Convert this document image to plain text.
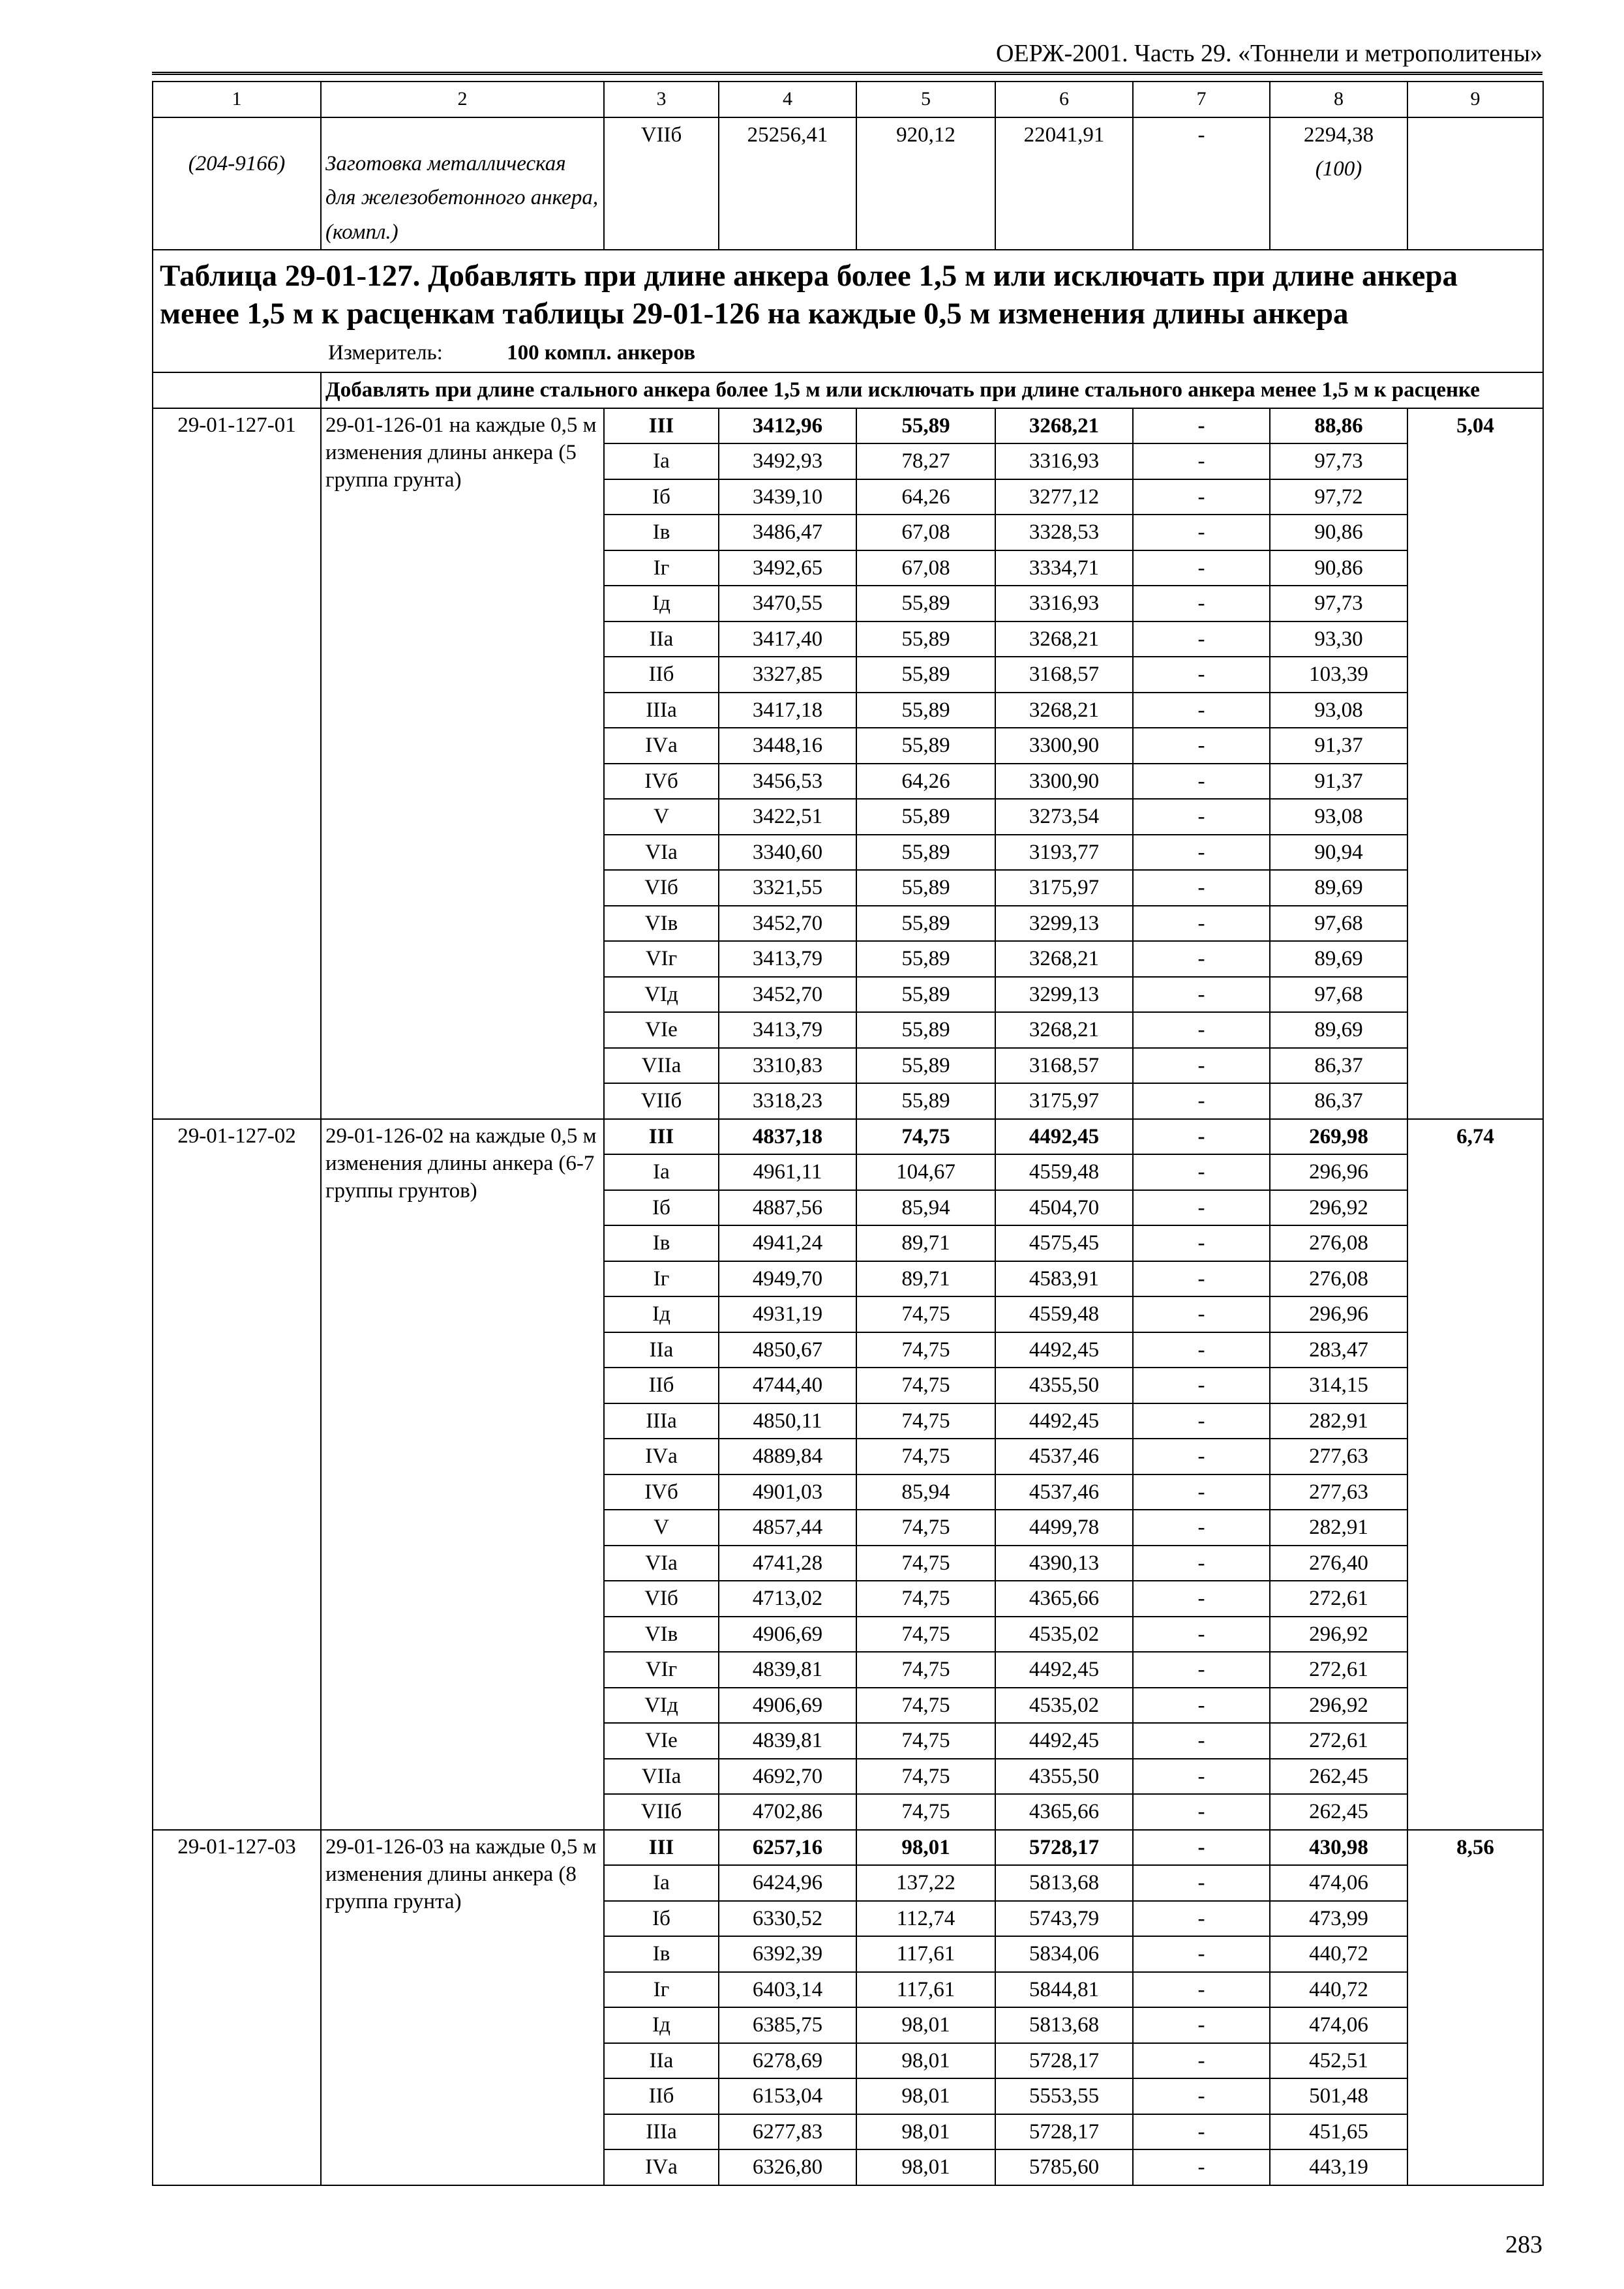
ОЕРЖ-2001. Часть 29. «Тоннели и метрополитены»
1	2	3	4	5	6	7	8	9
(204-9166)	Заготовка металлическая для железобетонного анкера, (компл.)	VIIб	25256,41	920,12	22041,91	-	2294,38
(100)	

Таблица 29-01-127. Добавлять при длине анкера более 1,5 м или исключать при длине анкера менее 1,5 м к расценкам таблицы 29-01-126 на каждые 0,5 м изменения длины анкера
Измеритель: 100 компл. анкеров								

	Добавлять при длине стального анкера более 1,5 м или исключать при длине стального анкера менее 1,5 м к расценке							
29-01-127-01	29-01-126-01 на каждые 0,5 м изменения длины анкера (5 группа грунта)	III	3412,96	55,89	3268,21	-	88,86	5,04
		Iа	3492,93	78,27	3316,93	-	97,73	
		Iб	3439,10	64,26	3277,12	-	97,72	
		Iв	3486,47	67,08	3328,53	-	90,86	
		Iг	3492,65	67,08	3334,71	-	90,86	
		Iд	3470,55	55,89	3316,93	-	97,73	
		IIа	3417,40	55,89	3268,21	-	93,30	
		IIб	3327,85	55,89	3168,57	-	103,39	
		IIIа	3417,18	55,89	3268,21	-	93,08	
		IVа	3448,16	55,89	3300,90	-	91,37	
		IVб	3456,53	64,26	3300,90	-	91,37	
		V	3422,51	55,89	3273,54	-	93,08	
		VIа	3340,60	55,89	3193,77	-	90,94	
		VIб	3321,55	55,89	3175,97	-	89,69	
		VIв	3452,70	55,89	3299,13	-	97,68	
		VIг	3413,79	55,89	3268,21	-	89,69	
		VIд	3452,70	55,89	3299,13	-	97,68	
		VIе	3413,79	55,89	3268,21	-	89,69	
		VIIа	3310,83	55,89	3168,57	-	86,37	
		VIIб	3318,23	55,89	3175,97	-	86,37	
29-01-127-02	29-01-126-02 на каждые 0,5 м изменения длины анкера (6-7 группы грунтов)	III	4837,18	74,75	4492,45	-	269,98	6,74
		Iа	4961,11	104,67	4559,48	-	296,96	
		Iб	4887,56	85,94	4504,70	-	296,92	
		Iв	4941,24	89,71	4575,45	-	276,08	
		Iг	4949,70	89,71	4583,91	-	276,08	
		Iд	4931,19	74,75	4559,48	-	296,96	
		IIа	4850,67	74,75	4492,45	-	283,47	
		IIб	4744,40	74,75	4355,50	-	314,15	
		IIIа	4850,11	74,75	4492,45	-	282,91	
		IVа	4889,84	74,75	4537,46	-	277,63	
		IVб	4901,03	85,94	4537,46	-	277,63	
		V	4857,44	74,75	4499,78	-	282,91	
		VIа	4741,28	74,75	4390,13	-	276,40	
		VIб	4713,02	74,75	4365,66	-	272,61	
		VIв	4906,69	74,75	4535,02	-	296,92	
		VIг	4839,81	74,75	4492,45	-	272,61	
		VIд	4906,69	74,75	4535,02	-	296,92	
		VIе	4839,81	74,75	4492,45	-	272,61	
		VIIа	4692,70	74,75	4355,50	-	262,45	
		VIIб	4702,86	74,75	4365,66	-	262,45	
29-01-127-03	29-01-126-03 на каждые 0,5 м изменения длины анкера (8 группа грунта)	III	6257,16	98,01	5728,17	-	430,98	8,56
		Iа	6424,96	137,22	5813,68	-	474,06	
		Iб	6330,52	112,74	5743,79	-	473,99	
		Iв	6392,39	117,61	5834,06	-	440,72	
		Iг	6403,14	117,61	5844,81	-	440,72	
		Iд	6385,75	98,01	5813,68	-	474,06	
		IIа	6278,69	98,01	5728,17	-	452,51	
		IIб	6153,04	98,01	5553,55	-	501,48	
		IIIа	6277,83	98,01	5728,17	-	451,65	
		IVа	6326,80	98,01	5785,60	-	443,19	
283
